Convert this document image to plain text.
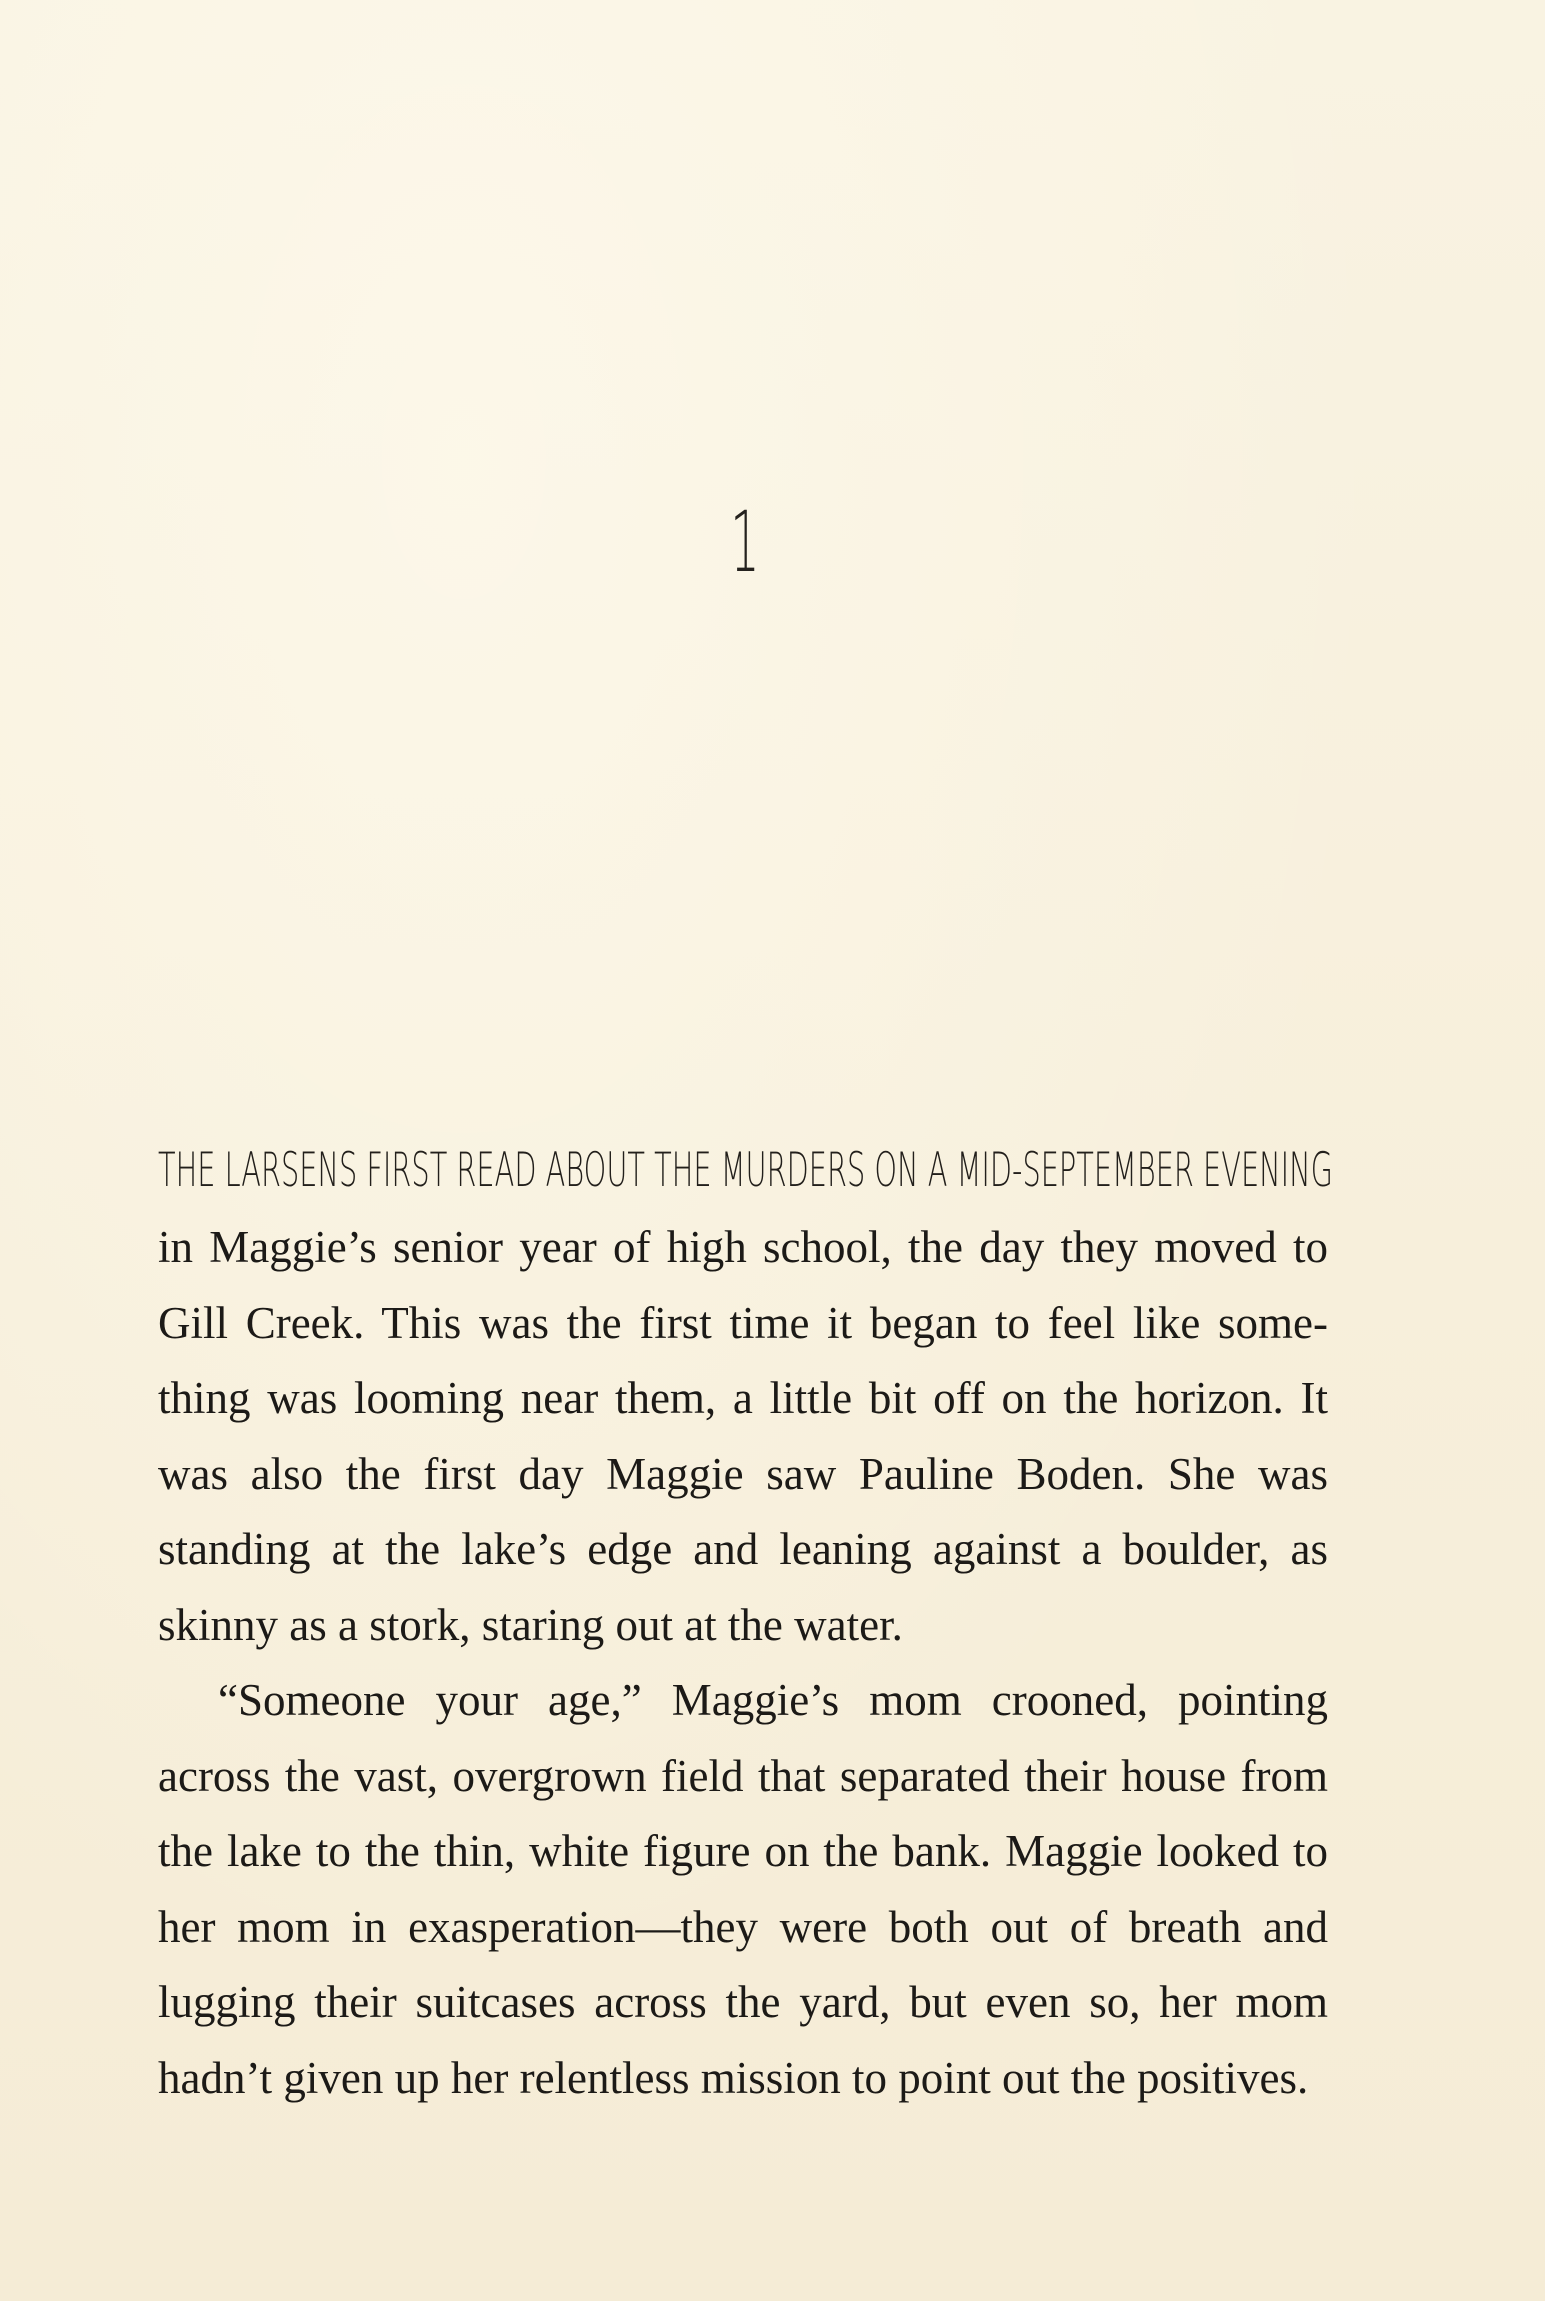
1
THE LARSENS FIRST READ ABOUT THE MURDERS ON A MID-SEPTEMBER EVENING

in Maggie’s senior year of high school, the day they moved to Gill Creek. This was the first time it began to feel like some-thing was looming near them, a little bit off on the horizon. It was also the first day Maggie saw Pauline Boden. She was standing at the lake’s edge and leaning against a boulder, as skinny as a stork, staring out at the water.

“Someone your age,” Maggie’s mom crooned, pointing across the vast, overgrown field that separated their house from the lake to the thin, white figure on the bank. Maggie looked to her mom in exasperation—they were both out of breath and lugging their suitcases across the yard, but even so, her mom hadn’t given up her relentless mission to point out the positives.
